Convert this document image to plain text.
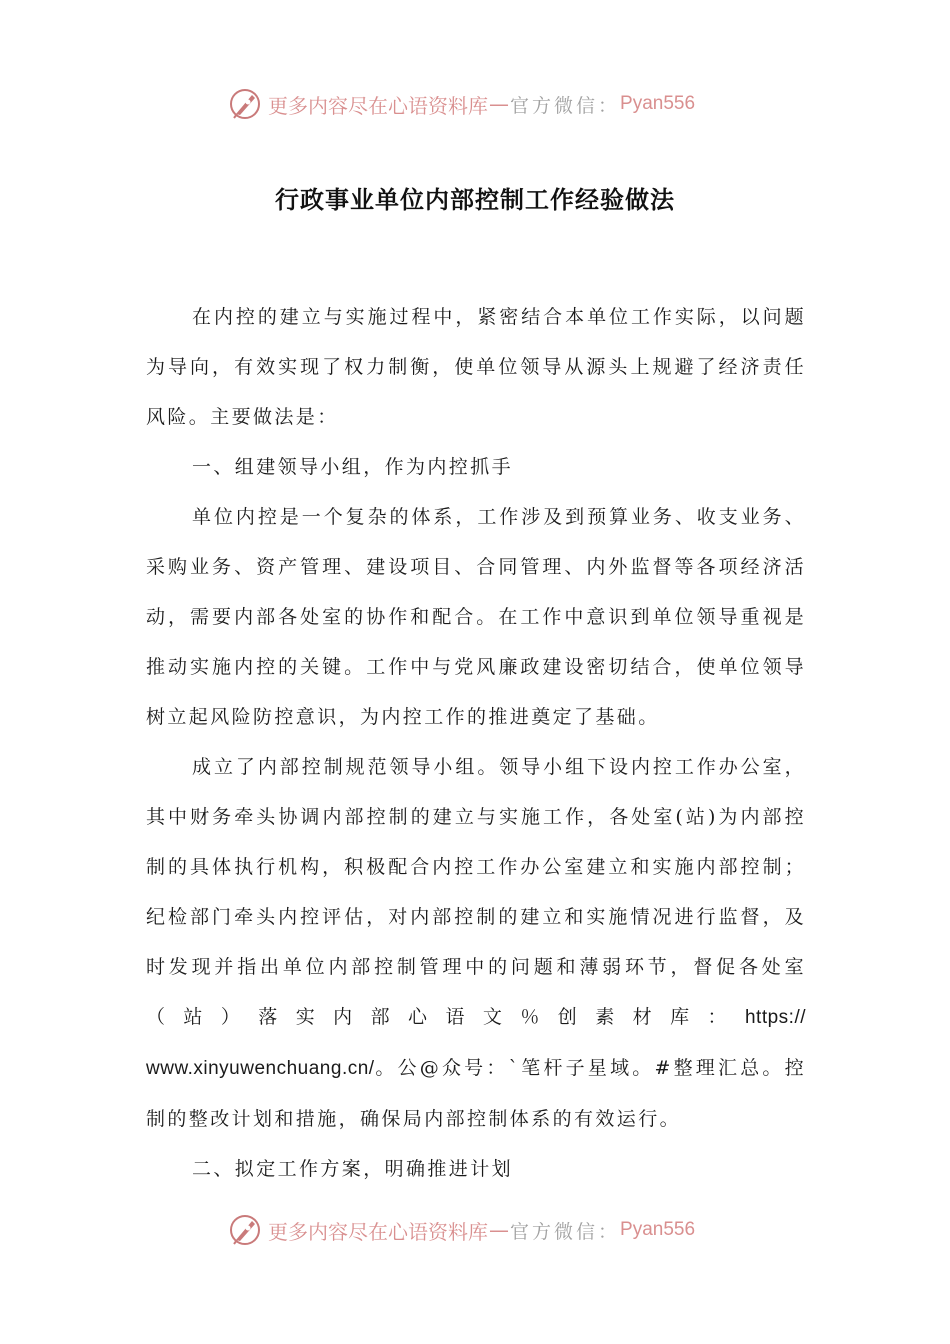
更多内容尽在心语资料库 — 官方微信： Pyan556
行政事业单位内部控制工作经验做法

在内控的建立与实施过程中，紧密结合本单位工作实际，以问题为导向，有效实现了权力制衡，使单位领导从源头上规避了经济责任风险。主要做法是：

一、组建领导小组，作为内控抓手

单位内控是一个复杂的体系，工作涉及到预算业务、收支业务、采购业务、资产管理、建设项目、合同管理、内外监督等各项经济活动，需要内部各处室的协作和配合。在工作中意识到单位领导重视是推动实施内控的关键。工作中与党风廉政建设密切结合，使单位领导树立起风险防控意识，为内控工作的推进奠定了基础。

成立了内部控制规范领导小组。领导小组下设内控工作办公室，其中财务牵头协调内部控制的建立与实施工作，各处室(站)为内部控制的具体执行机构，积极配合内控工作办公室建立和实施内部控制；纪检部门牵头内控评估，对内部控制的建立和实施情况进行监督，及时发现并指出单位内部控制管理中的问题和薄弱环节，督促各处室（站）落实内部心语文％创素材库：https://

www.xinyuwenchuang.cn/。公@众号：`笔杆子星域。#整理汇总。控制的整改计划和措施，确保局内部控制体系的有效运行。

二、拟定工作方案，明确推进计划

更多内容尽在心语资料库 — 官方微信： Pyan556
